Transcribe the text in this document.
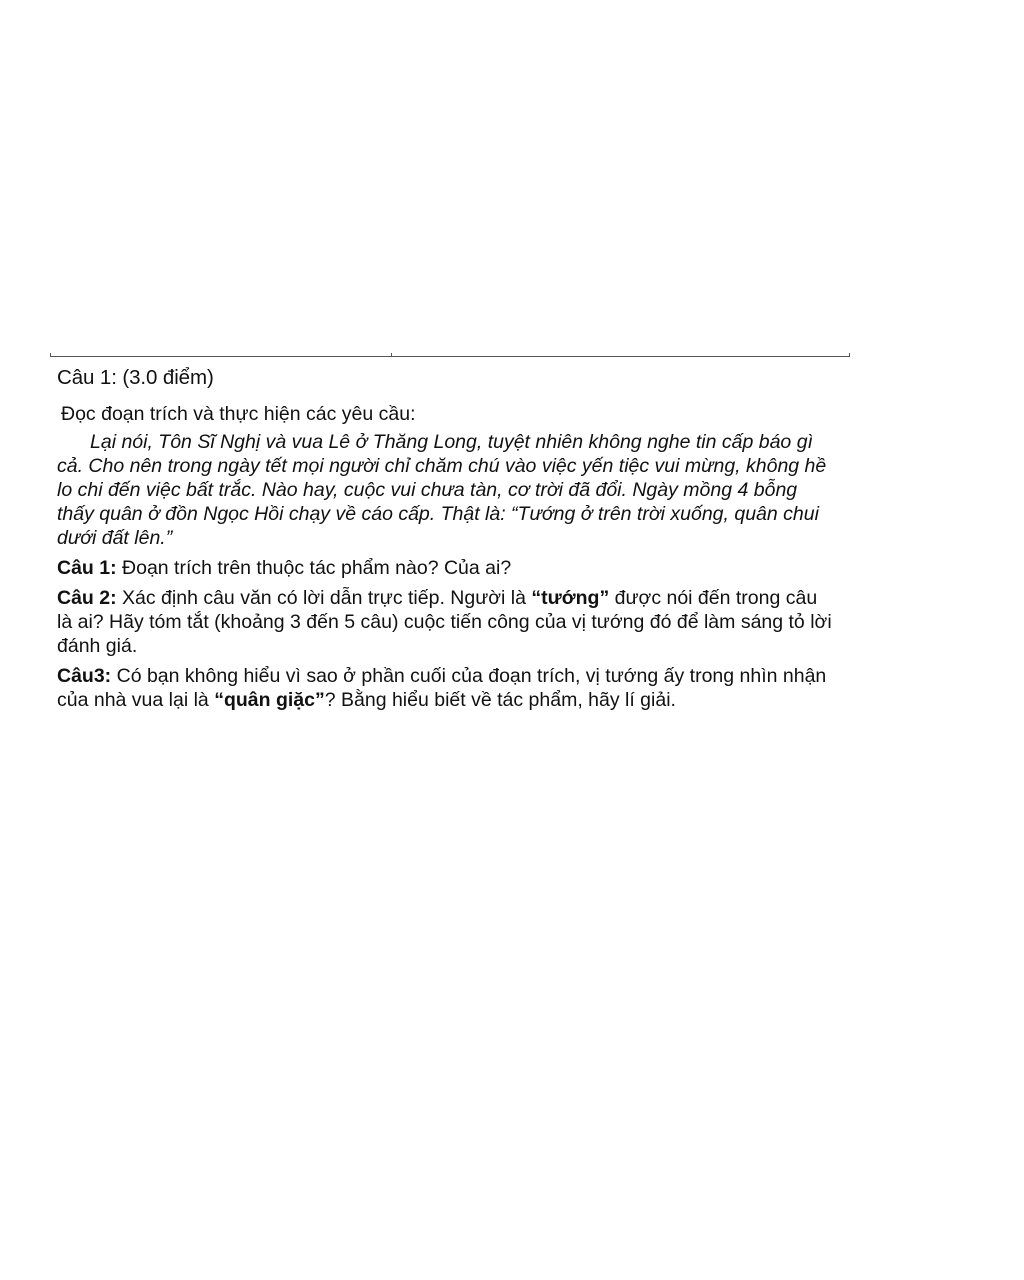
Câu 1: (3.0 điểm)

Đọc đoạn trích và thực hiện các yêu cầu:

Lại nói, Tôn Sĩ Nghị và vua Lê ở Thăng Long, tuyệt nhiên không nghe tin cấp báo gì cả. Cho nên trong ngày tết mọi người chỉ chăm chú vào việc yến tiệc vui mừng, không hề lo chi đến việc bất trắc. Nào hay, cuộc vui chưa tàn, cơ trời đã đổi. Ngày mồng 4 bỗng thấy quân ở đồn Ngọc Hồi chạy về cáo cấp. Thật là: “Tướng ở trên trời xuống, quân chui dưới đất lên.”

Câu 1: Đoạn trích trên thuộc tác phẩm nào? Của ai?

Câu 2: Xác định câu văn có lời dẫn trực tiếp. Người là “tướng” được nói đến trong câu là ai? Hãy tóm tắt (khoảng 3 đến 5 câu) cuộc tiến công của vị tướng đó để làm sáng tỏ lời đánh giá.

Câu3: Có bạn không hiểu vì sao ở phần cuối của đoạn trích, vị tướng ấy trong nhìn nhận của nhà vua lại là “quân giặc”? Bằng hiểu biết về tác phẩm, hãy lí giải.
